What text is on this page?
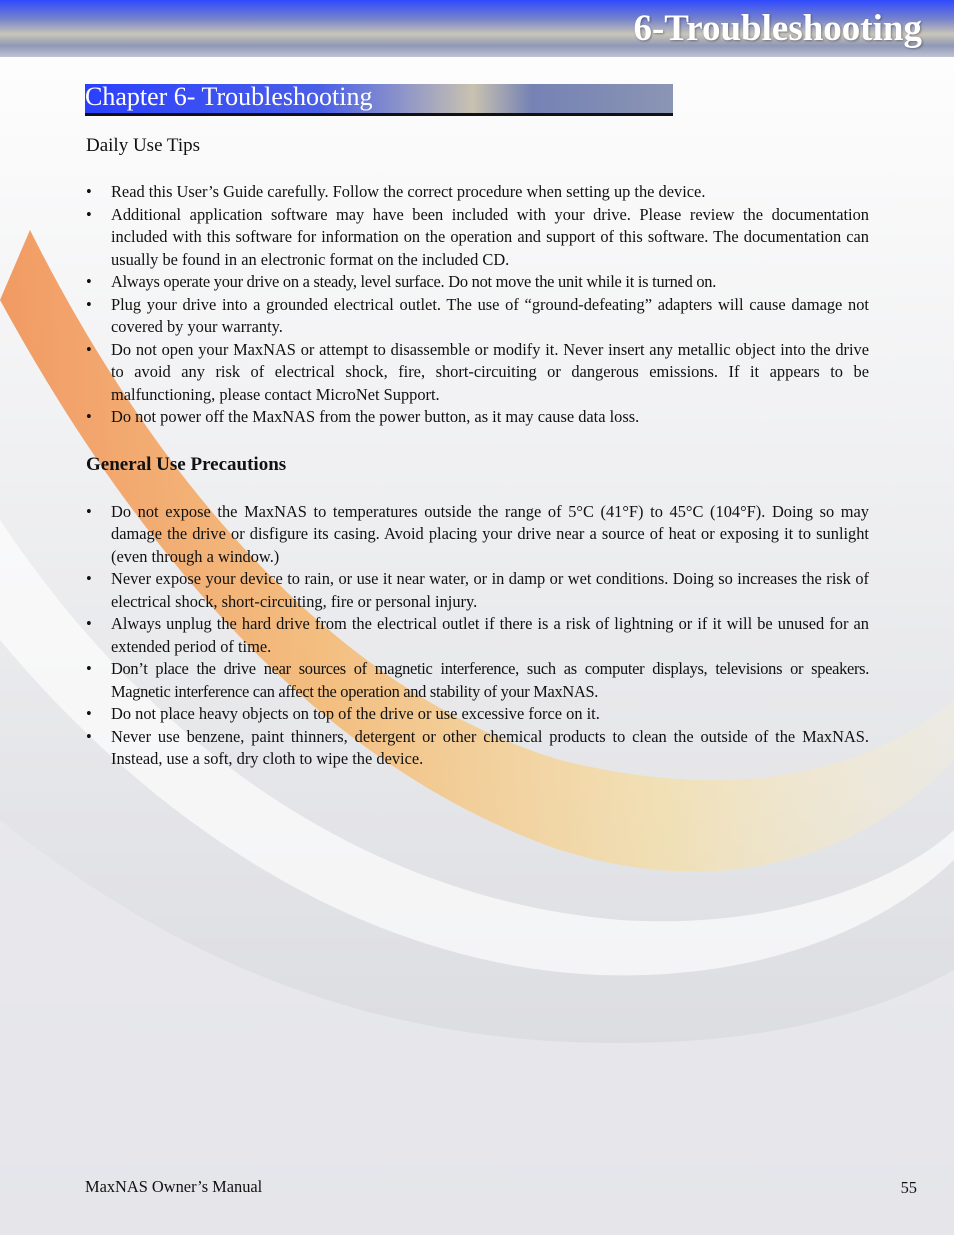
6-Troubleshooting
Chapter 6- Troubleshooting
Daily Use Tips
• Read this User’s Guide carefully. Follow the correct procedure when setting up the device.
• Additional application software may have been included with your drive. Please review the documentation included with this software for information on the operation and support of this software. The documentation can usually be found in an electronic format on the included CD.
• Always operate your drive on a steady, level surface. Do not move the unit while it is turned on.
• Plug your drive into a grounded electrical outlet. The use of “ground-defeating” adapters will cause damage not covered by your warranty.
• Do not open your MaxNAS or attempt to disassemble or modify it. Never insert any metallic object into the drive to avoid any risk of electrical shock, fire, short-circuiting or dangerous emissions. If it appears to be malfunctioning, please contact MicroNet Support.
• Do not power off the MaxNAS from the power button, as it may cause data loss.
General Use Precautions
• Do not expose the MaxNAS to temperatures outside the range of 5°C (41°F) to 45°C (104°F). Doing so may damage the drive or disfigure its casing. Avoid placing your drive near a source of heat or exposing it to sunlight (even through a window.)
• Never expose your device to rain, or use it near water, or in damp or wet conditions. Doing so increases the risk of electrical shock, short-circuiting, fire or personal injury.
• Always unplug the hard drive from the electrical outlet if there is a risk of lightning or if it will be unused for an extended period of time.
• Don’t place the drive near sources of magnetic interference, such as computer displays, televisions or speakers. Magnetic interference can affect the operation and stability of your MaxNAS.
• Do not place heavy objects on top of the drive or use excessive force on it.
• Never use benzene, paint thinners, detergent or other chemical products to clean the outside of the MaxNAS. Instead, use a soft, dry cloth to wipe the device.

MaxNAS Owner’s Manual	55
